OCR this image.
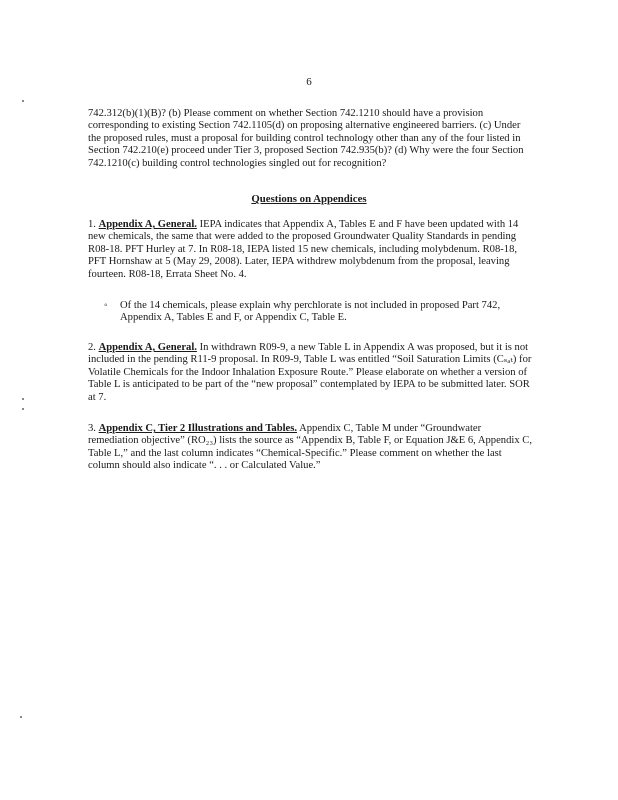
6

742.312(b)(1)(B)? (b) Please comment on whether Section 742.1210 should have a provision corresponding to existing Section 742.1105(d) on proposing alternative engineered barriers. (c) Under the proposed rules, must a proposal for building control technology other than any of the four listed in Section 742.210(e) proceed under Tier 3, proposed Section 742.935(b)? (d) Why were the four Section 742.1210(c) building control technologies singled out for recognition?

Questions on Appendices

1. Appendix A, General. IEPA indicates that Appendix A, Tables E and F have been updated with 14 new chemicals, the same that were added to the proposed Groundwater Quality Standards in pending R08-18. PFT Hurley at 7. In R08-18, IEPA listed 15 new chemicals, including molybdenum. R08-18, PFT Hornshaw at 5 (May 29, 2008). Later, IEPA withdrew molybdenum from the proposal, leaving fourteen. R08-18, Errata Sheet No. 4.

◦ Of the 14 chemicals, please explain why perchlorate is not included in proposed Part 742, Appendix A, Tables E and F, or Appendix C, Table E.

2. Appendix A, General. In withdrawn R09-9, a new Table L in Appendix A was proposed, but it is not included in the pending R11-9 proposal. In R09-9, Table L was entitled “Soil Saturation Limits (Cₛₐₜ) for Volatile Chemicals for the Indoor Inhalation Exposure Route.” Please elaborate on whether a version of Table L is anticipated to be part of the “new proposal” contemplated by IEPA to be submitted later. SOR at 7.

3. Appendix C, Tier 2 Illustrations and Tables. Appendix C, Table M under “Groundwater remediation objective” (RO₂₃) lists the source as “Appendix B, Table F, or Equation J&E 6, Appendix C, Table L,” and the last column indicates “Chemical-Specific.” Please comment on whether the last column should also indicate “. . . or Calculated Value.”
